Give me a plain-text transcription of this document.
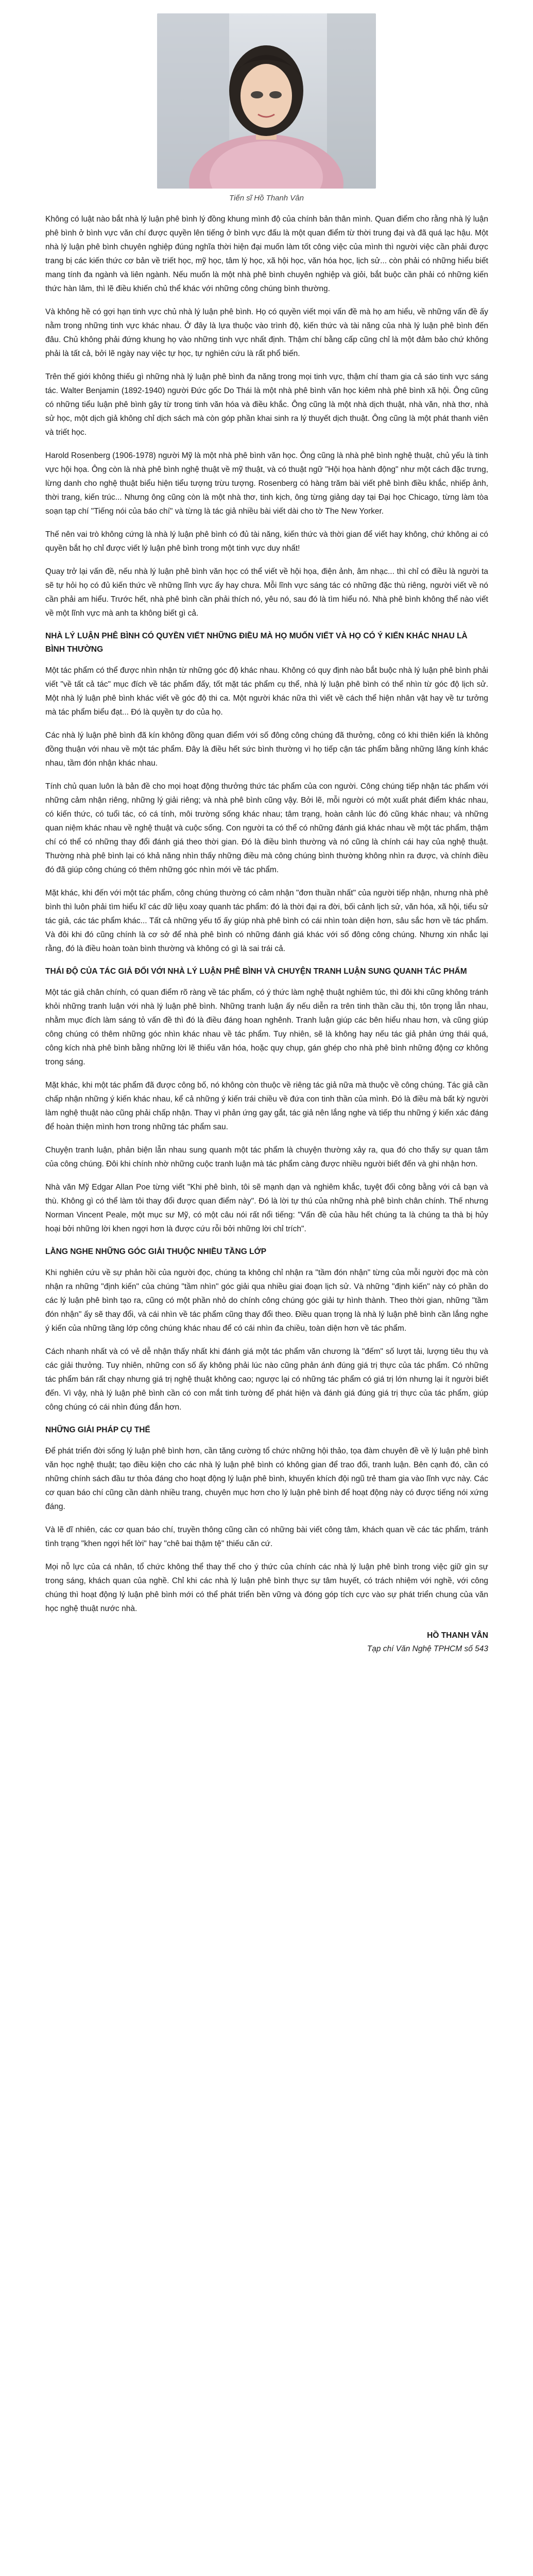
Tiến sĩ Hồ Thanh Vân

Không có luật nào bắt nhà lý luận phê bình lý đồng khung mình độ của chính bản thân mình. Quan điểm cho rằng nhà lý luận phê bình ở bình vực văn chí được quyền lên tiếng ở bình vực đấu là một quan điểm từ thời trung đại và đã quá lạc hậu. Một nhà lý luận phê bình chuyên nghiệp đúng nghĩa thời hiện đại muốn làm tốt công việc của mình thì người việc cần phải được trang bị các kiến thức cơ bản về triết học, mỹ học, tâm lý học, xã hội học, văn hóa học, lịch sử... còn phải có những hiểu biết mang tính đa ngành và liên ngành. Nếu muốn là một nhà phê bình chuyên nghiệp và giỏi, bắt buộc cần phải có những kiến thức hàn lâm, thì lẽ điều khiến chủ thể khác với những công chúng bình thường.

Và không hề có gợi hạn tinh vực chủ nhà lý luận phê bình. Họ có quyền viết mọi vấn đề mà họ am hiểu, về những vấn đề ấy nằm trong những tinh vực khác nhau. Ở đây là lựa thuộc vào trình độ, kiến thức và tài năng của nhà lý luận phê bình đến đâu. Chủ không phải đứng khung họ vào những tinh vực nhất định. Thậm chí bằng cấp cũng chỉ là một đảm bảo chứ không phải là tất cả, bởi lẽ ngày nay việc tự học, tự nghiên cứu là rất phổ biến.

Trên thế giới không thiếu gì những nhà lý luận phê bình đa năng trong mọi tinh vực, thậm chí tham gia cả sáo tinh vực sáng tác. Walter Benjamin (1892-1940) người Đức gốc Do Thái là một nhà phê bình văn học kiêm nhà phê bình xã hội. Ông cũng có những tiểu luận phê bình gây từ trong tinh văn hóa và điều khắc. Ông cũng là một nhà dịch thuật, nhà văn, nhà thơ, nhà sử học, một dịch giả không chỉ dịch sách mà còn góp phần khai sinh ra lý thuyết dịch thuật. Ông cũng là một phát thanh viên và triết học.

Harold Rosenberg (1906-1978) người Mỹ là một nhà phê bình văn học. Ông cũng là nhà phê bình nghệ thuật, chủ yếu là tinh vực hội họa. Ông còn là nhà phê bình nghệ thuật về mỹ thuật, và có thuật ngữ "Hội họa hành động" như một cách đặc trưng, lừng danh cho nghệ thuật biểu hiện tiểu tượng trừu tượng. Rosenberg có hàng trăm bài viết phê bình điều khắc, nhiếp ảnh, thời trang, kiến trúc... Nhưng ông cũng còn là một nhà thơ, tinh kịch, ông từng giảng dạy tại Đại học Chicago, từng làm tòa soạn tạp chí "Tiếng nói của báo chí" và từng là tác giả nhiều bài viết dài cho tờ The New Yorker.

Thế nên vai trò không cứng là nhà lý luận phê bình có đủ tài năng, kiến thức và thời gian để viết hay không, chứ không ai có quyền bắt họ chỉ được viết lý luận phê bình trong một tinh vực duy nhất!

Quay trở lại vấn đề, nếu nhà lý luận phê bình văn học có thể viết về hội họa, điện ảnh, âm nhạc... thì chỉ có điều là người ta sẽ tự hỏi họ có đủ kiến thức về những lĩnh vực ấy hay chưa. Mỗi lĩnh vực sáng tác có những đặc thù riêng, người viết về nó cần phải am hiểu. Trước hết, nhà phê bình cần phải thích nó, yêu nó, sau đó là tìm hiểu nó. Nhà phê bình không thể nào viết về một lĩnh vực mà anh ta không biết gì cả.

NHÀ LÝ LUẬN PHÊ BÌNH CÓ QUYỀN VIẾT NHỮNG ĐIỀU MÀ HỌ MUỐN VIẾT VÀ HỌ CÓ Ý KIẾN KHÁC NHAU LÀ BÌNH THƯỜNG

Một tác phẩm có thể được nhìn nhận từ những góc độ khác nhau. Không có quy định nào bắt buộc nhà lý luận phê bình phải viết "về tất cả tác" mục đích về tác phẩm đấy, tốt mặt tác phẩm cụ thể, nhà lý luận phê bình có thể nhìn từ góc độ lịch sử. Một nhà lý luận phê bình khác viết về góc độ thi ca. Một người khác nữa thì viết về cách thể hiện nhân vật hay về tư tưởng mà tác phẩm biểu đạt... Đó là quyền tự do của họ.

Các nhà lý luận phê bình đã kín không đồng quan điểm với số đông công chúng đã thưởng, công có khi thiên kiến là không đồng thuận với nhau về một tác phẩm. Đây là điều hết sức bình thường vì họ tiếp cận tác phẩm bằng những lăng kính khác nhau, tầm đón nhận khác nhau.

Tính chủ quan luôn là bản đề cho mọi hoạt động thưởng thức tác phẩm của con người. Công chúng tiếp nhận tác phẩm với những cảm nhận riêng, những lý giải riêng; và nhà phê bình cũng vậy. Bởi lẽ, mỗi người có một xuất phát điểm khác nhau, có kiến thức, có tuổi tác, có cá tính, môi trường sống khác nhau; tâm trạng, hoàn cảnh lúc đó cũng khác nhau; và những quan niệm khác nhau về nghệ thuật và cuộc sống. Con người ta có thể có những đánh giá khác nhau về một tác phẩm, thậm chí có thể có những thay đổi đánh giá theo thời gian. Đó là điều bình thường và nó cũng là chính cái hay của nghệ thuật. Thường nhà phê bình lại có khả năng nhìn thấy những điều mà công chúng bình thường không nhìn ra được, và chính điều đó đã giúp công chúng có thêm những góc nhìn mới về tác phẩm.

Mặt khác, khi đến với một tác phẩm, công chúng thường có cảm nhận "đơn thuần nhất" của người tiếp nhận, nhưng nhà phê bình thì luôn phải tìm hiểu kĩ các dữ liệu xoay quanh tác phẩm: đó là thời đại ra đời, bối cảnh lịch sử, văn hóa, xã hội, tiểu sử tác giả, các tác phẩm khác... Tất cả những yếu tố ấy giúp nhà phê bình có cái nhìn toàn diện hơn, sâu sắc hơn về tác phẩm. Và đôi khi đó cũng chính là cơ sở để nhà phê bình có những đánh giá khác với số đông công chúng. Nhưng xin nhắc lại rằng, đó là điều hoàn toàn bình thường và không có gì là sai trái cả.

THÁI ĐỘ CỦA TÁC GIẢ ĐỐI VỚI NHÀ LÝ LUẬN PHÊ BÌNH VÀ CHUYỆN TRANH LUẬN SUNG QUANH TÁC PHẨM

Một tác giả chân chính, có quan điểm rõ ràng về tác phẩm, có ý thức làm nghệ thuật nghiêm túc, thì đôi khi cũng không tránh khỏi những tranh luận với nhà lý luận phê bình. Những tranh luận ấy nếu diễn ra trên tinh thần cầu thị, tôn trọng lẫn nhau, nhằm mục đích làm sáng tỏ vấn đề thì đó là điều đáng hoan nghênh. Tranh luận giúp các bên hiểu nhau hơn, và cũng giúp công chúng có thêm những góc nhìn khác nhau về tác phẩm. Tuy nhiên, sẽ là không hay nếu tác giả phản ứng thái quá, công kích nhà phê bình bằng những lời lẽ thiếu văn hóa, hoặc quy chụp, gán ghép cho nhà phê bình những động cơ không trong sáng.

Mặt khác, khi một tác phẩm đã được công bố, nó không còn thuộc về riêng tác giả nữa mà thuộc về công chúng. Tác giả cần chấp nhận những ý kiến khác nhau, kể cả những ý kiến trái chiều về đứa con tinh thần của mình. Đó là điều mà bất kỳ người làm nghệ thuật nào cũng phải chấp nhận. Thay vì phản ứng gay gắt, tác giả nên lắng nghe và tiếp thu những ý kiến xác đáng để hoàn thiện mình hơn trong những tác phẩm sau.

Chuyện tranh luận, phản biện lẫn nhau sung quanh một tác phẩm là chuyện thường xảy ra, qua đó cho thấy sự quan tâm của công chúng. Đôi khi chính nhờ những cuộc tranh luận mà tác phẩm càng được nhiều người biết đến và ghi nhận hơn.

Nhà văn Mỹ Edgar Allan Poe từng viết "Khi phê bình, tôi sẽ mạnh dạn và nghiêm khắc, tuyệt đối công bằng với cả bạn và thù. Không gì có thể làm tôi thay đổi được quan điểm này". Đó là lời tự thú của những nhà phê bình chân chính. Thế nhưng Norman Vincent Peale, một mục sư Mỹ, có một câu nói rất nổi tiếng: "Vấn đề của hầu hết chúng ta là chúng ta thà bị hủy hoại bởi những lời khen ngợi hơn là được cứu rỗi bởi những lời chỉ trích".

LẰNG NGHE NHỮNG GÓC GIẢI THUỘC NHIỀU TẦNG LỚP

Khi nghiên cứu về sự phản hồi của người đọc, chúng ta không chỉ nhận ra "tầm đón nhận" từng của mỗi người đọc mà còn nhận ra những "định kiến" của chúng "tầm nhìn" góc giải qua nhiều giai đoạn lịch sử. Và những "định kiến" này có phần do các lý luận phê bình tạo ra, cũng có một phần nhỏ do chính công chúng góc giải tự hình thành. Theo thời gian, những "tầm đón nhận" ấy sẽ thay đổi, và cái nhìn về tác phẩm cũng thay đổi theo. Điều quan trọng là nhà lý luận phê bình cần lắng nghe ý kiến của những tầng lớp công chúng khác nhau để có cái nhìn đa chiều, toàn diện hơn về tác phẩm.

Cách nhanh nhất và có vẻ dễ nhận thấy nhất khi đánh giá một tác phẩm văn chương là "đếm" số lượt tải, lượng tiêu thụ và các giải thưởng. Tuy nhiên, những con số ấy không phải lúc nào cũng phản ánh đúng giá trị thực của tác phẩm. Có những tác phẩm bán rất chạy nhưng giá trị nghệ thuật không cao; ngược lại có những tác phẩm có giá trị lớn nhưng lại ít người biết đến. Vì vậy, nhà lý luận phê bình cần có con mắt tinh tường để phát hiện và đánh giá đúng giá trị thực của tác phẩm, giúp công chúng có cái nhìn đúng đắn hơn.

NHỮNG GIẢI PHÁP CỤ THỂ

Để phát triển đời sống lý luận phê bình hơn, cần tăng cường tổ chức những hội thảo, tọa đàm chuyên đề về lý luận phê bình văn học nghệ thuật; tạo điều kiện cho các nhà lý luận phê bình có không gian để trao đổi, tranh luận. Bên cạnh đó, cần có những chính sách đầu tư thỏa đáng cho hoạt động lý luận phê bình, khuyến khích đội ngũ trẻ tham gia vào lĩnh vực này. Các cơ quan báo chí cũng cần dành nhiều trang, chuyên mục hơn cho lý luận phê bình để hoạt động này có được tiếng nói xứng đáng.

Và lẽ dĩ nhiên, các cơ quan báo chí, truyền thông cũng cần có những bài viết công tâm, khách quan về các tác phẩm, tránh tình trạng "khen ngợi hết lời" hay "chê bai thậm tệ" thiếu căn cứ.

Mọi nỗ lực của cá nhân, tổ chức không thể thay thế cho ý thức của chính các nhà lý luận phê bình trong việc giữ gìn sự trong sáng, khách quan của nghề. Chỉ khi các nhà lý luận phê bình thực sự tâm huyết, có trách nhiệm với nghề, với công chúng thì hoạt động lý luận phê bình mới có thể phát triển bền vững và đóng góp tích cực vào sự phát triển chung của văn học nghệ thuật nước nhà.

HỒ THANH VÂN
Tạp chí Văn Nghệ TPHCM số 543
